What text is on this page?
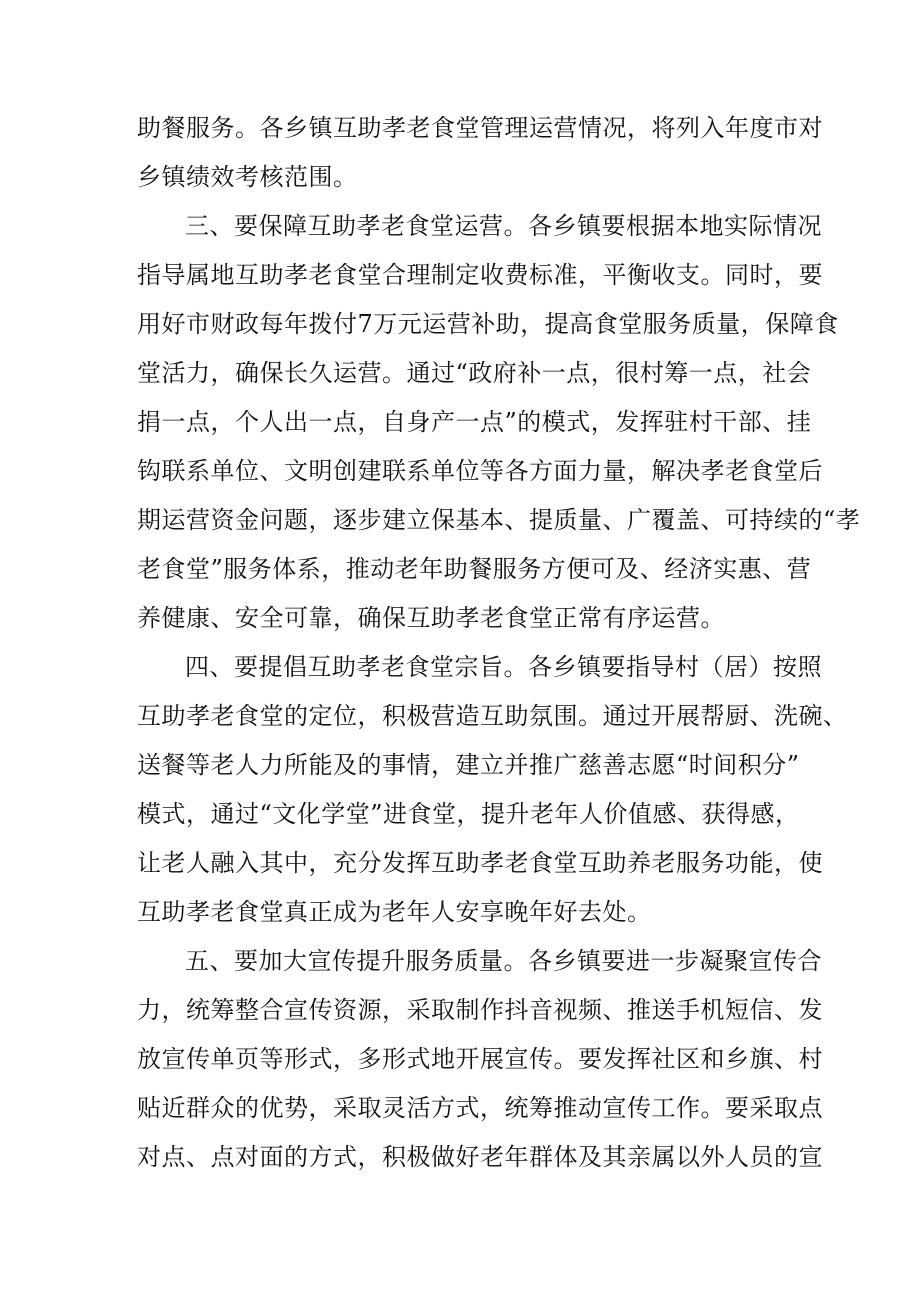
助餐服务。各乡镇互助孝老食堂管理运营情况，将列入年度市对
乡镇绩效考核范围。
三、要保障互助孝老食堂运营。各乡镇要根据本地实际情况
指导属地互助孝老食堂合理制定收费标准，平衡收支。同时，要
用好市财政每年拨付7万元运营补助，提高食堂服务质量，保障食
堂活力，确保长久运营。通过“政府补一点，很村筹一点，社会
捐一点，个人出一点，自身产一点”的模式，发挥驻村干部、挂
钩联系单位、文明创建联系单位等各方面力量，解决孝老食堂后
期运营资金问题，逐步建立保基本、提质量、广覆盖、可持续的“孝
老食堂”服务体系，推动老年助餐服务方便可及、经济实惠、营
养健康、安全可靠，确保互助孝老食堂正常有序运营。
四、要提倡互助孝老食堂宗旨。各乡镇要指导村（居）按照
互助孝老食堂的定位，积极营造互助氛围。通过开展帮厨、洗碗、
送餐等老人力所能及的事情，建立并推广慈善志愿“时间积分”
模式，通过“文化学堂”进食堂，提升老年人价值感、获得感，
让老人融入其中，充分发挥互助孝老食堂互助养老服务功能，使
互助孝老食堂真正成为老年人安享晚年好去处。
五、要加大宣传提升服务质量。各乡镇要进一步凝聚宣传合
力，统筹整合宣传资源，采取制作抖音视频、推送手机短信、发
放宣传单页等形式，多形式地开展宣传。要发挥社区和乡旗、村
贴近群众的优势，采取灵活方式，统筹推动宣传工作。要采取点
对点、点对面的方式，积极做好老年群体及其亲属以外人员的宣
